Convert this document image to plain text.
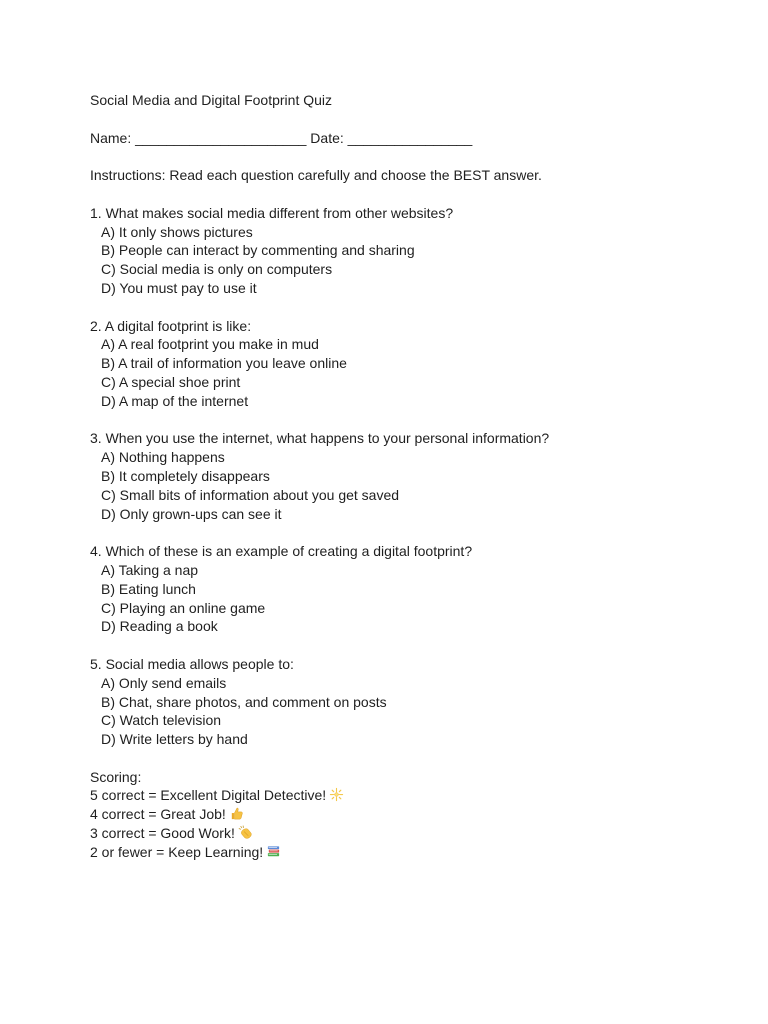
Social Media and Digital Footprint Quiz
Name: ______________________ Date: ________________
Instructions: Read each question carefully and choose the BEST answer.
1. What makes social media different from other websites?
A) It only shows pictures
B) People can interact by commenting and sharing
C) Social media is only on computers
D) You must pay to use it
2. A digital footprint is like:
A) A real footprint you make in mud
B) A trail of information you leave online
C) A special shoe print
D) A map of the internet
3. When you use the internet, what happens to your personal information?
A) Nothing happens
B) It completely disappears
C) Small bits of information about you get saved
D) Only grown-ups can see it
4. Which of these is an example of creating a digital footprint?
A) Taking a nap
B) Eating lunch
C) Playing an online game
D) Reading a book
5. Social media allows people to:
A) Only send emails
B) Chat, share photos, and comment on posts
C) Watch television
D) Write letters by hand
Scoring:
5 correct = Excellent Digital Detective!
4 correct = Great Job!
3 correct = Good Work!
2 or fewer = Keep Learning!
